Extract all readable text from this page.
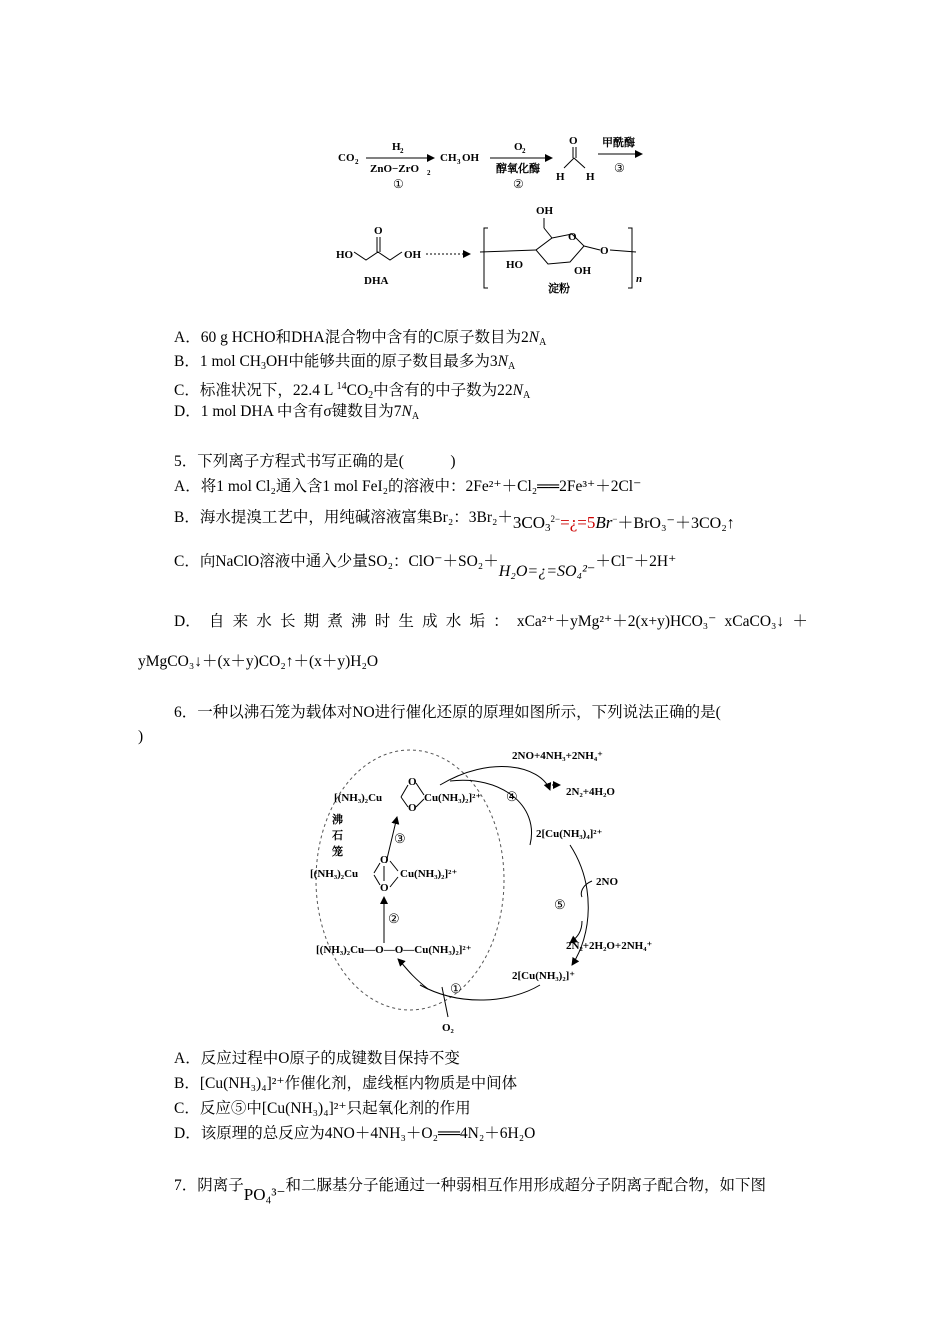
CO 2
H 2
ZnO−ZrO 2
①
CH 3 OH
O 2
醇氧化酶
②
O
H H
甲酰酶
③
HO
O
OH
DHA
OH
O
HO	OH
O
n
淀粉
A．60 g HCHO和DHA混合物中含有的C原子数目为$2N_A$
B．1 mol $CH_3OH$中能够共面的原子数目最多为$3N_A$
C．标准状况下，22.4 L $^{14}CO_2$中含有的中子数为$22N_A$
D．1 mol DHA 中含有σ键数目为$7N_A$
5．下列离子方程式书写正确的是(　　　)
A．将1 mol Cl₂通入含1 mol FeI₂的溶液中：2Fe²⁺＋Cl₂══2Fe³⁺＋2Cl⁻
B．海水提溴工艺中，用纯碱溶液富集Br₂：$3Br_2+3CO_3^{2-}=¿=5Br^-+BrO_3^-+3CO_2↑$
C．向NaClO溶液中通入少量SO₂：ClO⁻＋SO₂＋H₂O=¿=SO₄²⁻＋Cl⁻＋2H⁺
D． 自 来 水 长 期 煮 沸 时 生 成 水 垢 ： xCa²⁺＋yMg²⁺＋2(x+y)HCO₃⁻ xCaCO₃↓ ＋
yMgCO₃↓＋(x＋y)CO₂↑＋(x＋y)H₂O
6．一种以沸石笼为载体对NO进行催化还原的原理如图所示，下列说法正确的是(
)
沸
石
笼
[(NH₃)₂Cu
O
O
Cu(NH₃)₂]²⁺
③
[(NH₃)₂Cu
O
O
Cu(NH₃)₂]²⁺
②
[(NH₃)₂Cu—O—O—Cu(NH₃)₂]²⁺
2NO+4NH₃+2NH₄⁺
④	2N₂+4H₂O
2[Cu(NH₃)₄]²⁺
2NO
⑤
2N₂+2H₂O+2NH₄⁺
2[Cu(NH₃)₂]⁺
①
O₂
A．反应过程中O原子的成键数目保持不变
B．[Cu(NH₃)₄]²⁺作催化剂，虚线框内物质是中间体
C．反应⑤中[Cu(NH₃)₄]²⁺只起氧化剂的作用
D．该原理的总反应为4NO＋4NH₃＋O₂══4N₂＋6H₂O
7．阴离子PO₄³⁻和二脲基分子能通过一种弱相互作用形成超分子阴离子配合物，如下图
